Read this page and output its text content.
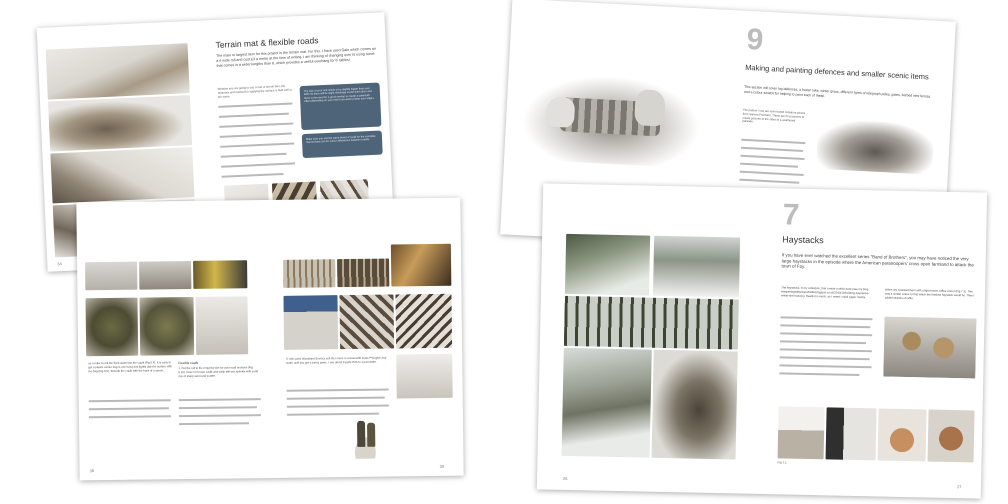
34
Terrain mat & flexible roads
The main or largest item for this project is the terrain mat. For this, I have used Gale which comes on a 6 wide roll and cost £3 a metre at the time of writing. I am thinking of changing over to using some that comes in a wider lengths than 6, which provides a useful overhang for 6' tables!
Whether you are going to use a mat or terrain tiles, the materials and method for applying the surface is built well to the same.
The size of your mat needs to be slightly bigger than your table as there will be slight shrinkage as the paint dries and there is the need for a good overlap to create a tablecloth effect depending on your mat if you want to keep your edges.
Make sure you use the same brand of caulk for the complete mat as there can be colour differences between brands.
as a roller to roll the flock down into the caulk (Fig 5.4). It is easy to get a plastic carrier bag in one hand and lightly dab the surface with the bag (Fig 5.5). Smooth the caulk with the back of a spoon...
Flexible roads
1. Cut the roll to the required size for your road sections (Fig 5.16). Cover in brown caulk and while still wet sprinkle with sand mix of sharp sand and scatter.
38
5. Mix some Woodland Scenics soil then more in a bowl with some PVA glue and water until you get a runny paste. I use about 3 parts PVA to 1 part water.
39
9
Making and painting defences and smaller scenic items
This section will cover log defences, a frozen lake, winter grass, different types of telegraph poles, gates, barbed wire fences and a colour swatch for helping to paint each of these.
The pattern I use are resin based miniature pieces from Sarissa Precision. These are for purposes to create pictures of the sides of a weathered palisade.
7
Haystacks
If you have ever watched the excellent series "Band of Brothers", you may have noticed the very large haystacks in the episode where the American paratroopers' cross open farmland to attack the town of Foy.
The haystacks, in my collection, that I made a while back (see my blog wargamingwithsilverwhistle.blogspot.co.uk/2014/10/building-haystacks-whilst-one-relaxes). Really too much, as I noted I used paper mache.
When dry I painted them with a light brown coffee colour (Fig 7.3). This was a similar colour to that which the finished haystack would be. Then I added strands of raffia.
Fig 7.1
26
27
